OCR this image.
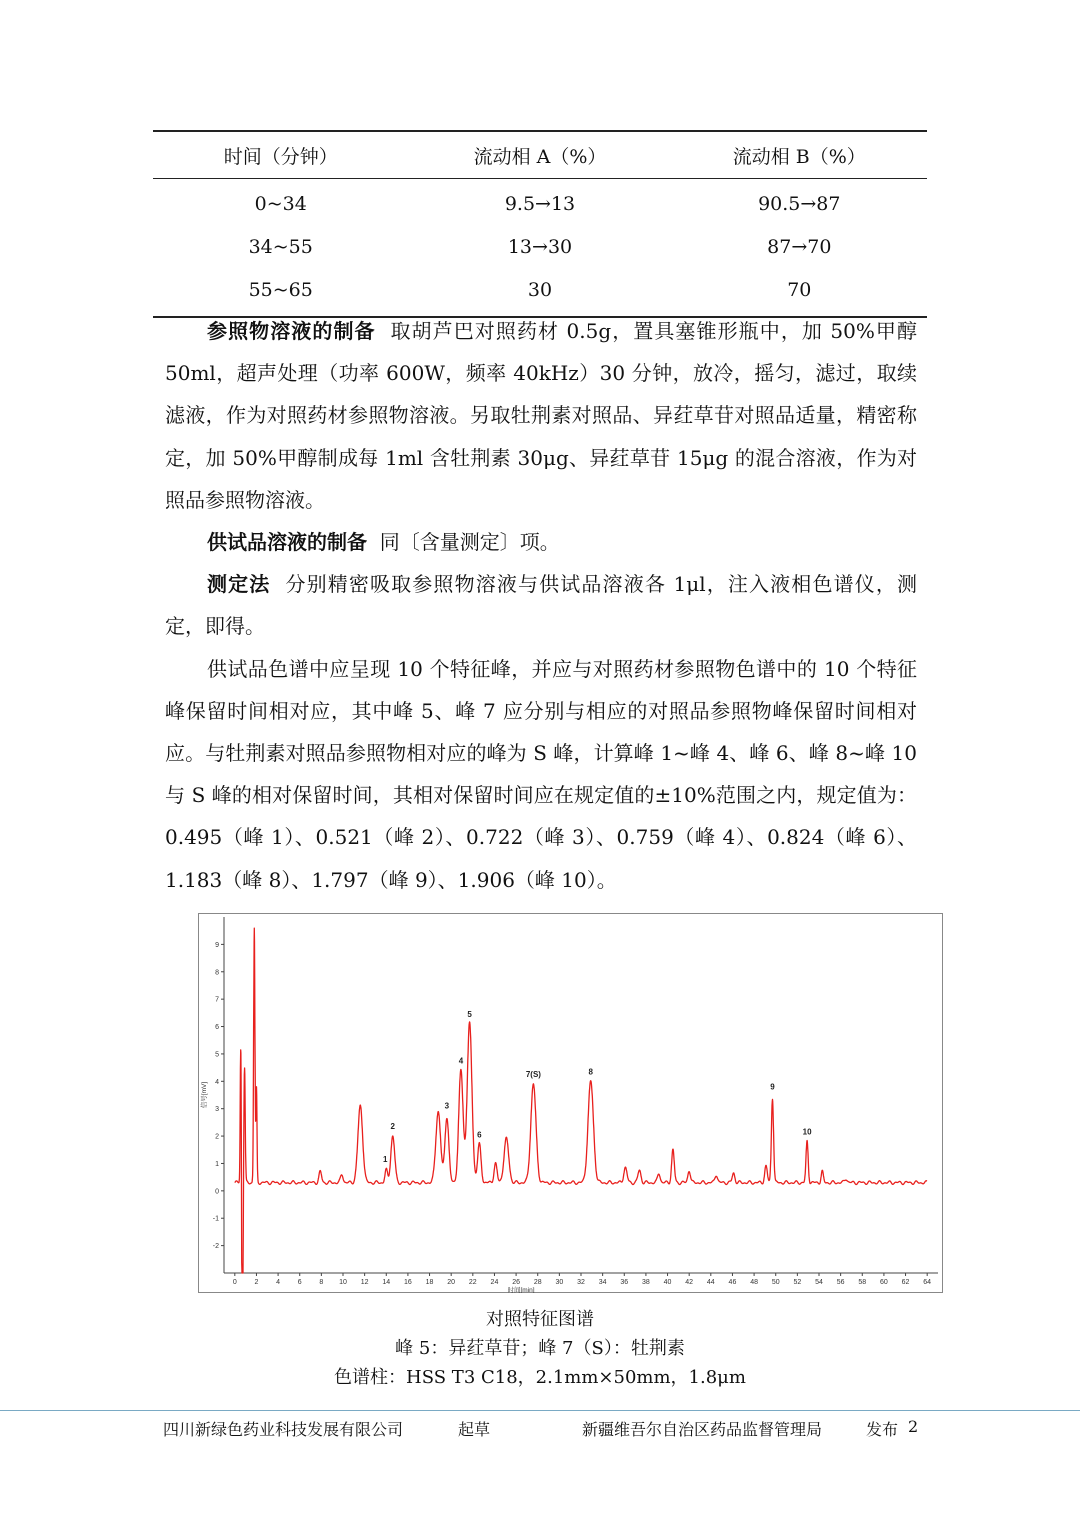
时间（分钟）	流动相 A（%）	流动相 B（%）
0~34	9.5→13	90.5→87
34~55	13→30	87→70
55~65	30	70

参照物溶液的制备 取胡芦巴对照药材 0.5g，置具塞锥形瓶中，加 50%甲醇 50ml，超声处理（功率 600W，频率 40kHz）30 分钟，放冷，摇匀，滤过，取续滤液，作为对照药材参照物溶液。另取牡荆素对照品、异荭草苷对照品适量，精密称定，加 50%甲醇制成每 1ml 含牡荆素 30μg、异荭草苷 15μg 的混合溶液，作为对照品参照物溶液。

供试品溶液的制备 同〔含量测定〕项。

测定法 分别精密吸取参照物溶液与供试品溶液各 1μl，注入液相色谱仪，测定，即得。

供试品色谱中应呈现 10 个特征峰，并应与对照药材参照物色谱中的 10 个特征峰保留时间相对应，其中峰 5、峰 7 应分别与相应的对照品参照物峰保留时间相对应。与牡荆素对照品参照物相对应的峰为 S 峰，计算峰 1~峰 4、峰 6、峰 8~峰 10 与 S 峰的相对保留时间，其相对保留时间应在规定值的±10%范围之内，规定值为：0.495（峰 1）、0.521（峰 2）、0.722（峰 3）、0.759（峰 4）、0.824（峰 6）、1.183（峰 8）、1.797（峰 9）、1.906（峰 10）。

-2
-1
0
1
2
3
4
5
6
7
8
9
0	2	4	6	8 10 12 14 16 18 20 22 24 26 28 30 32 34 36 38 40 42 44 46 48 50 52 54 56 58 60 62 64
时间[min]
信号[mV]
1
2
3
4
5
6
7(S)	8
9
10
对照特征图谱
峰 5：异荭草苷；峰 7（S）：牡荆素
色谱柱：HSS T3 C18，2.1mm×50mm，1.8μm
四川新绿色药业科技发展有限公司	起草	新疆维吾尔自治区药品监督管理局	发布 2
